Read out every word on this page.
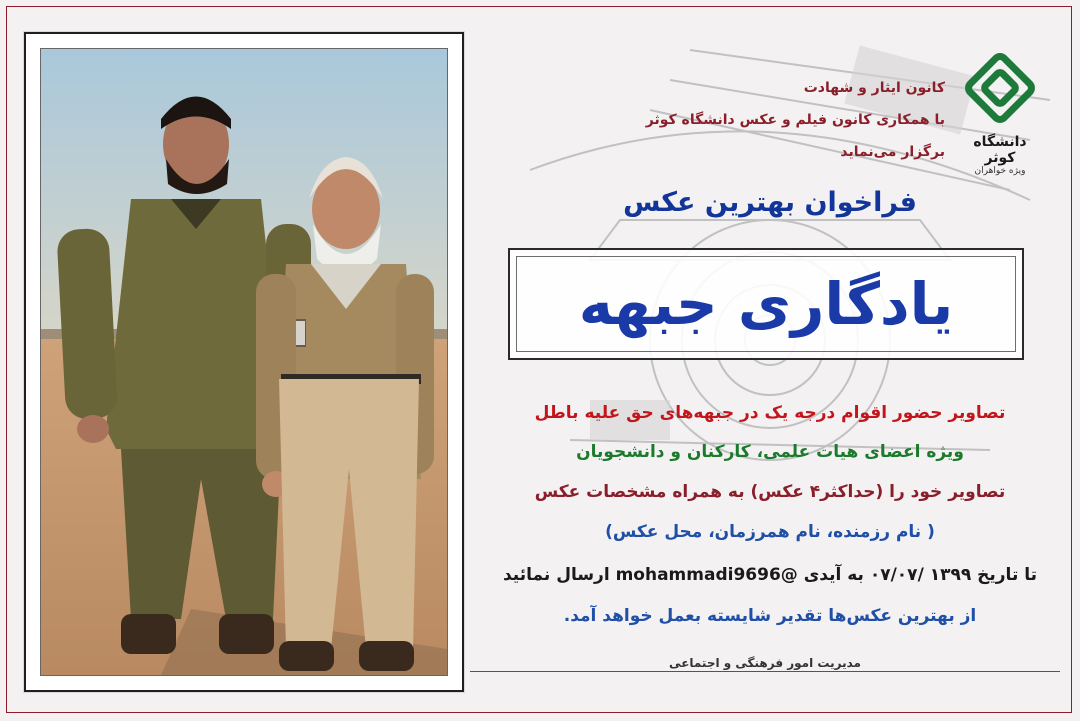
دانشگاه کوثر
ویژه خواهران
کانون ایثار و شهادت
با همکاری کانون فیلم و عکس دانشگاه کوثر
برگزار می‌نماید
فراخوان بهترین عکس
یادگاری جبهه
تصاویر حضور اقوام درجه یک در جبهه‌های حق علیه باطل
ویژه اعضای هیات علمی، کارکنان و دانشجویان
تصاویر خود را (حداکثر۴ عکس) به همراه مشخصات عکس
( نام رزمنده، نام همرزمان، محل عکس)
تا تاریخ ۱۳۹۹ /۰۷/۰۷ به آیدی @mohammadi9696 ارسال نمائید
از بهترین عکس‌ها تقدیر شایسته بعمل خواهد آمد.
مدیریت امور فرهنگی و اجتماعی
